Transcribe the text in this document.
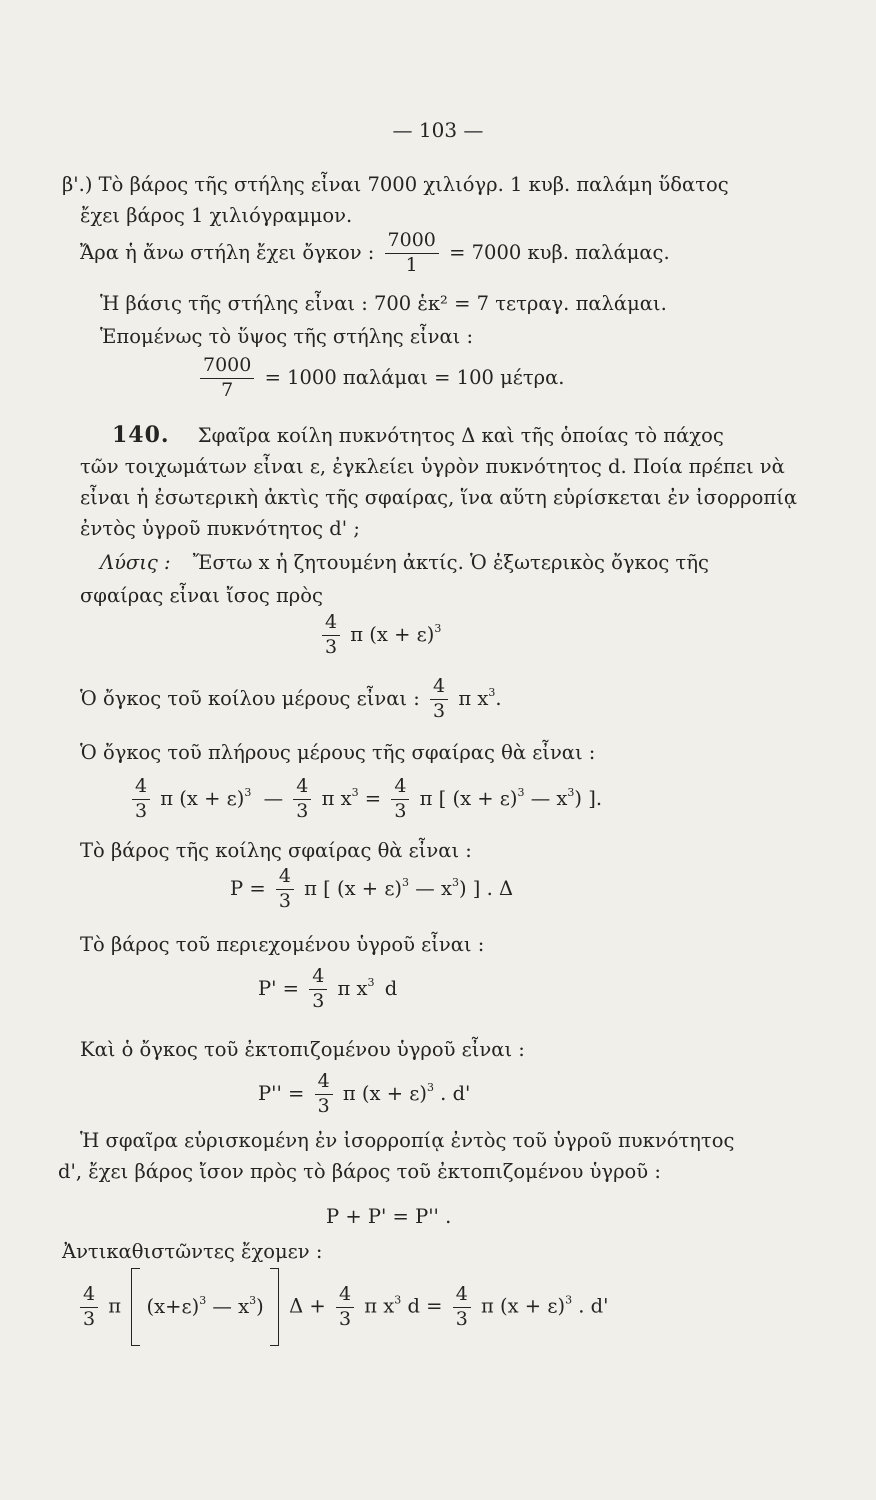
— 103 —
β'.) Τὸ βάρος τῆς στήλης εἶναι 7000 χιλιόγρ. 1 κυβ. παλάμη ὕδατος
ἔχει βάρος 1 χιλιόγραμμον.
Ἄρα ἡ ἄνω στήλη ἔχει ὄγκον : $\frac{7000}{1} = 7000$ κυβ. παλάμας.
Ἡ βάσις τῆς στήλης εἶναι : 700 ἑκ² = 7 τετραγ. παλάμαι.
Ἑπομένως τὸ ὕψος τῆς στήλης εἶναι :
$\frac{7000}{7} = 1000$ παλάμαι = 100 μέτρα.
140. Σφαῖρα κοίλη πυκνότητος Δ καὶ τῆς ὁποίας τὸ πάχος
τῶν τοιχωμάτων εἶναι ε, ἐγκλείει ὑγρὸν πυκνότητος d. Ποία πρέπει νὰ
εἶναι ἡ ἐσωτερικὴ ἀκτὶς τῆς σφαίρας, ἵνα αὕτη εὑρίσκεται ἐν ἰσορροπίᾳ
ἐντὸς ὑγροῦ πυκνότητος d' ;
Λύσις : Ἔστω x ἡ ζητουμένη ἀκτίς. Ὁ ἐξωτερικὸς ὄγκος τῆς
σφαίρας εἶναι ἴσος πρὸς
$\frac{4}{3}$ π $(x + \varepsilon)^3$
Ὁ ὄγκος τοῦ κοίλου μέρους εἶναι : $\frac{4}{3}$ π $x^3$.
Ὁ ὄγκος τοῦ πλήρους μέρους τῆς σφαίρας θὰ εἶναι :
$\frac{4}{3}$ π $(x + \varepsilon)^3$ — $\frac{4}{3}$ π $x^3 = \frac{4}{3}$ π [ $(x + \varepsilon)^3$ — $x^3$) ].
Τὸ βάρος τῆς κοίλης σφαίρας θὰ εἶναι :
$P = \frac{4}{3}$ π [ $(x + \varepsilon)^3$ — $x^3$) ] . Δ
Τὸ βάρος τοῦ περιεχομένου ὑγροῦ εἶναι :
$P' = \frac{4}{3}$ π $x^3$ d
Καὶ ὁ ὄγκος τοῦ ἐκτοπιζομένου ὑγροῦ εἶναι :
$P'' = \frac{4}{3}$ π $(x + \varepsilon)^3$ . d'
Ἡ σφαῖρα εὑρισκομένη ἐν ἰσορροπίᾳ ἐντὸς τοῦ ὑγροῦ πυκνότητος
d', ἔχει βάρος ἴσον πρὸς τὸ βάρος τοῦ ἐκτοπιζομένου ὑγροῦ :
P + P' = P'' .
Ἀντικαθιστῶντες ἔχομεν :
$\frac{4}{3}$ π $(x+\varepsilon)^3$ — $x^3$) $\Delta + \frac{4}{3}$ π $x^3$ $d = \frac{4}{3}$ π $(x + \varepsilon)^3$ . d'
